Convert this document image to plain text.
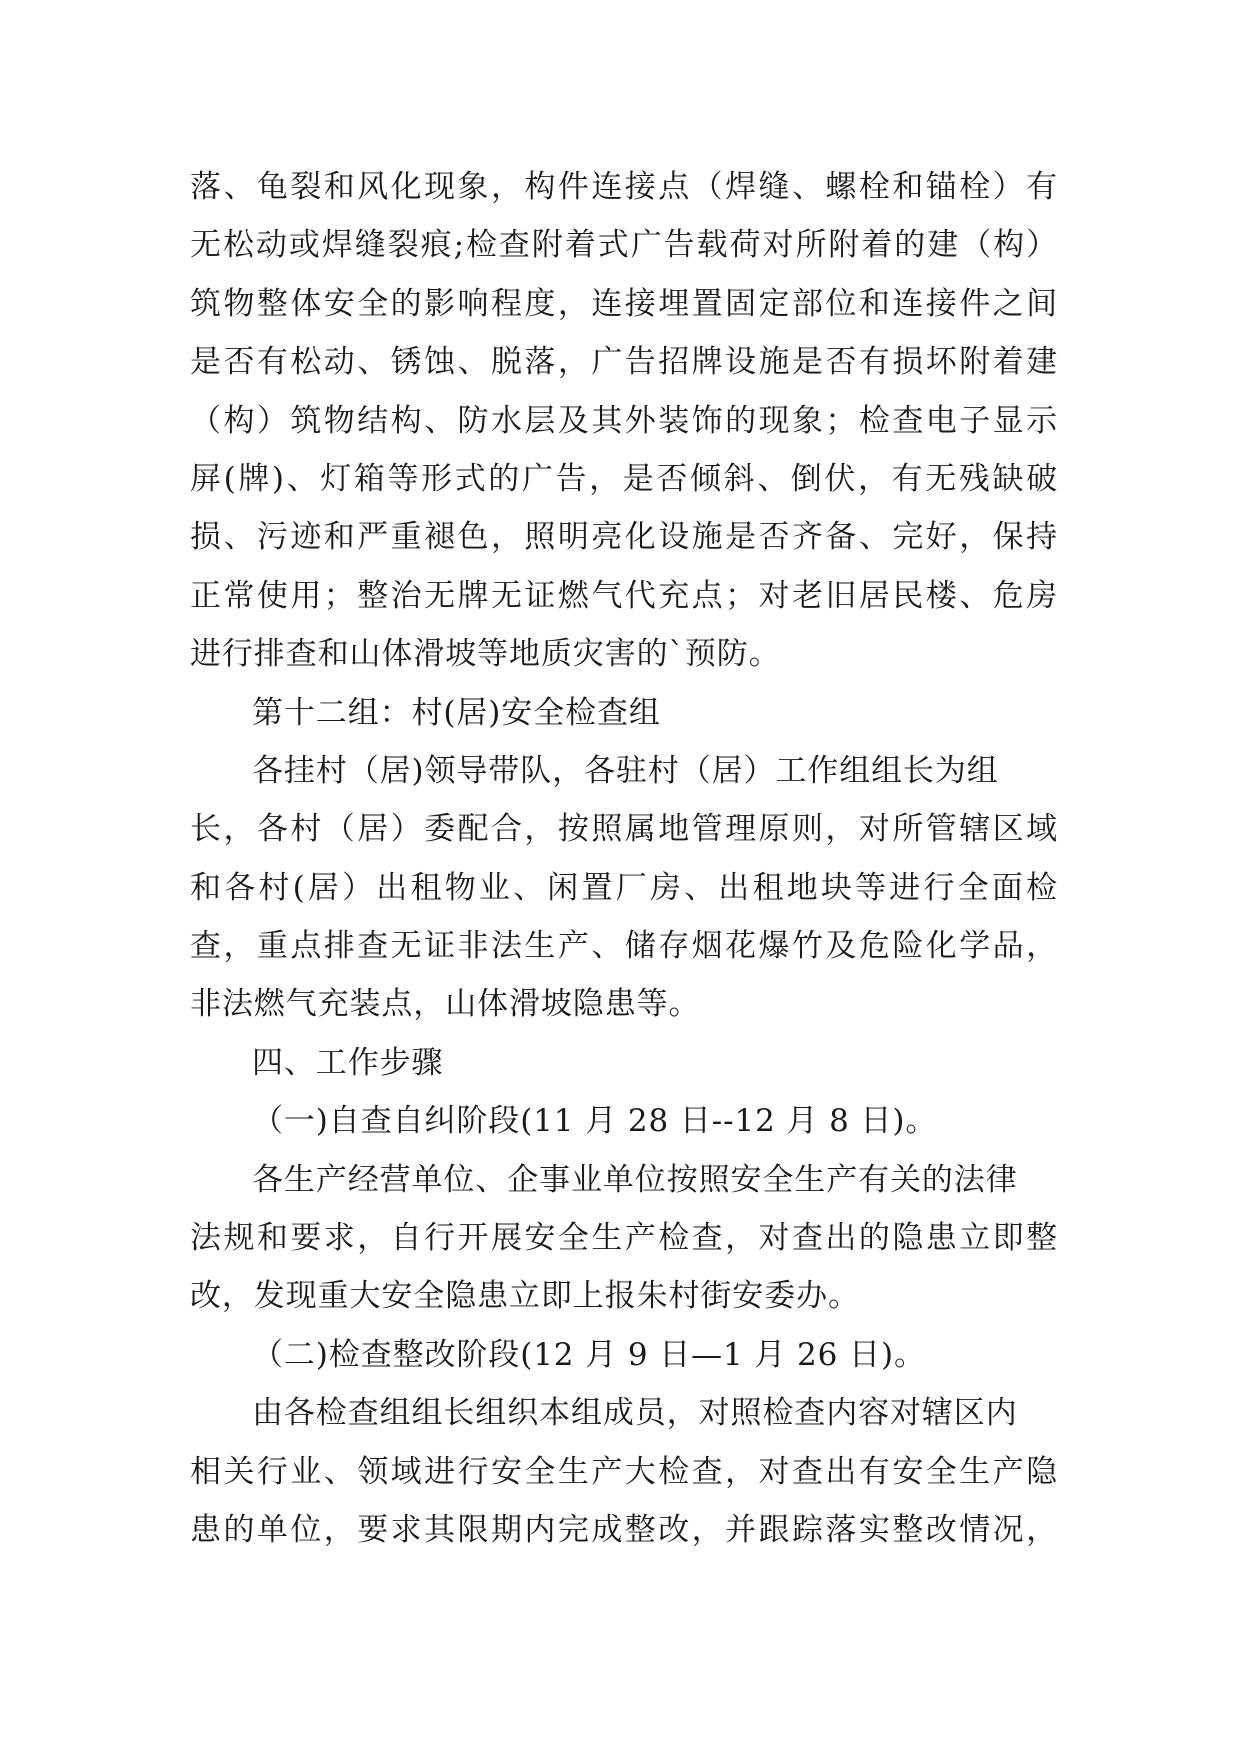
落、龟裂和风化现象，构件连接点（焊缝、螺栓和锚栓）有
无松动或焊缝裂痕;检查附着式广告载荷对所附着的建（构）
筑物整体安全的影响程度，连接埋置固定部位和连接件之间
是否有松动、锈蚀、脱落，广告招牌设施是否有损坏附着建
（构）筑物结构、防水层及其外装饰的现象；检查电子显示
屏(牌)、灯箱等形式的广告，是否倾斜、倒伏，有无残缺破
损、污迹和严重褪色，照明亮化设施是否齐备、完好，保持
正常使用；整治无牌无证燃气代充点；对老旧居民楼、危房
进行排查和山体滑坡等地质灾害的`预防。
第十二组：村(居)安全检查组
各挂村（居)领导带队，各驻村（居）工作组组长为组
长，各村（居）委配合，按照属地管理原则，对所管辖区域
和各村(居）出租物业、闲置厂房、出租地块等进行全面检
查，重点排查无证非法生产、储存烟花爆竹及危险化学品，
非法燃气充装点，山体滑坡隐患等。
四、工作步骤
（一)自查自纠阶段(11 月 28 日--12 月 8 日)。
各生产经营单位、企事业单位按照安全生产有关的法律
法规和要求，自行开展安全生产检查，对查出的隐患立即整
改，发现重大安全隐患立即上报朱村街安委办。
（二)检查整改阶段(12 月 9 日—1 月 26 日)。
由各检查组组长组织本组成员，对照检查内容对辖区内
相关行业、领域进行安全生产大检查，对查出有安全生产隐
患的单位，要求其限期内完成整改，并跟踪落实整改情况，
